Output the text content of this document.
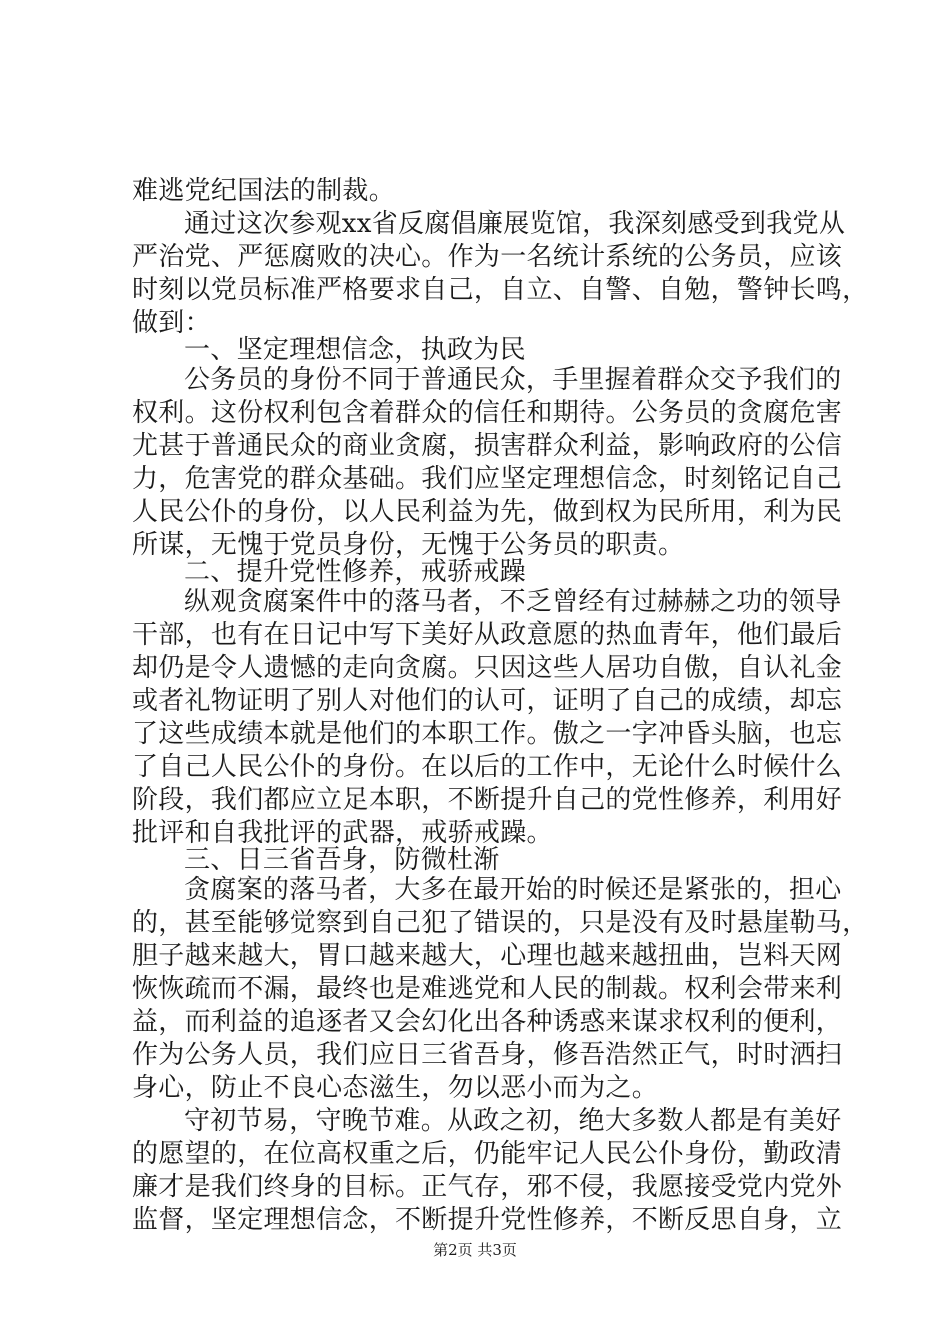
难逃党纪国法的制裁。
通过这次参观xx省反腐倡廉展览馆，我深刻感受到我党从
严治党、严惩腐败的决心。作为一名统计系统的公务员，应该
时刻以党员标准严格要求自己，自立、自警、自勉，警钟长鸣，
做到：
一、坚定理想信念，执政为民
公务员的身份不同于普通民众，手里握着群众交予我们的
权利。这份权利包含着群众的信任和期待。公务员的贪腐危害
尤甚于普通民众的商业贪腐，损害群众利益，影响政府的公信
力，危害党的群众基础。我们应坚定理想信念，时刻铭记自己
人民公仆的身份，以人民利益为先，做到权为民所用，利为民
所谋，无愧于党员身份，无愧于公务员的职责。
二、提升党性修养，戒骄戒躁
纵观贪腐案件中的落马者，不乏曾经有过赫赫之功的领导
干部，也有在日记中写下美好从政意愿的热血青年，他们最后
却仍是令人遗憾的走向贪腐。只因这些人居功自傲，自认礼金
或者礼物证明了别人对他们的认可，证明了自己的成绩，却忘
了这些成绩本就是他们的本职工作。傲之一字冲昏头脑，也忘
了自己人民公仆的身份。在以后的工作中，无论什么时候什么
阶段，我们都应立足本职，不断提升自己的党性修养，利用好
批评和自我批评的武器，戒骄戒躁。
三、日三省吾身，防微杜渐
贪腐案的落马者，大多在最开始的时候还是紧张的，担心
的，甚至能够觉察到自己犯了错误的，只是没有及时悬崖勒马，
胆子越来越大，胃口越来越大，心理也越来越扭曲，岂料天网
恢恢疏而不漏，最终也是难逃党和人民的制裁。权利会带来利
益，而利益的追逐者又会幻化出各种诱惑来谋求权利的便利，
作为公务人员，我们应日三省吾身，修吾浩然正气，时时洒扫
身心，防止不良心态滋生，勿以恶小而为之。
守初节易，守晚节难。从政之初，绝大多数人都是有美好
的愿望的，在位高权重之后，仍能牢记人民公仆身份，勤政清
廉才是我们终身的目标。正气存，邪不侵，我愿接受党内党外
监督，坚定理想信念，不断提升党性修养，不断反思自身，立
第2页 共3页
